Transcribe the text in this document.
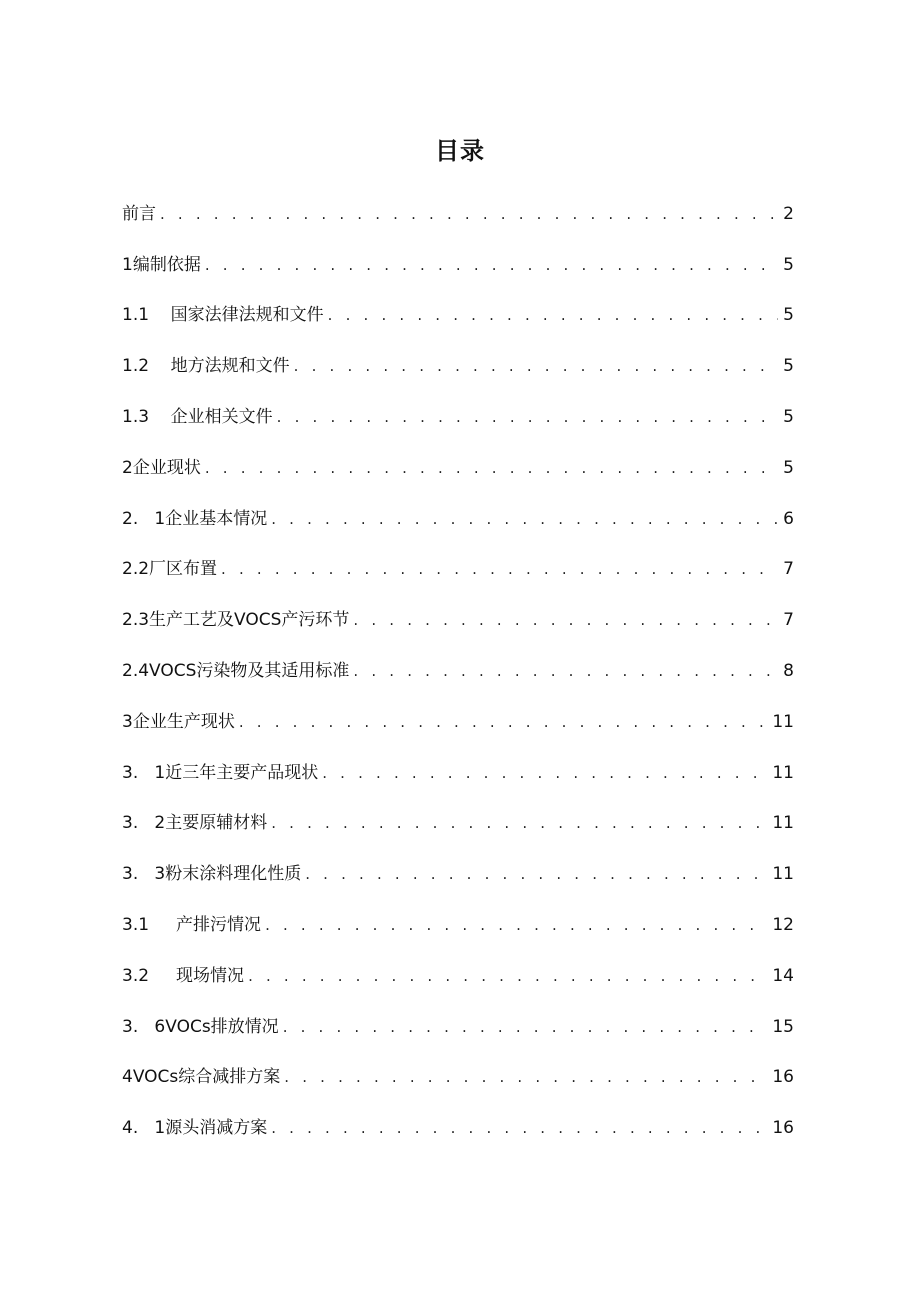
目录
前言 . . .	2
1编制依据 . . .	5
1.1    国家法律法规和文件 . . .	5
1.2    地方法规和文件 . . .	5
1.3    企业相关文件 . . .	5
2企业现状 . . .	5
2.   1企业基本情况 . . .	6
2.2厂区布置 . . .	7
2.3生产工艺及VOCS产污环节 . . .	7
2.4VOCS污染物及其适用标准 . . .	8
3企业生产现状 . . .	11
3.   1近三年主要产品现状 . . .	11
3.   2主要原辅材料 . . .	11
3.   3粉末涂料理化性质 . . .	11
3.1     产排污情况 . . .	12
3.2     现场情况 . . .	14
3.   6VOCs排放情况 . . .	15
4VOCs综合减排方案 . . .	16
4.   1源头消减方案 . . .	16
